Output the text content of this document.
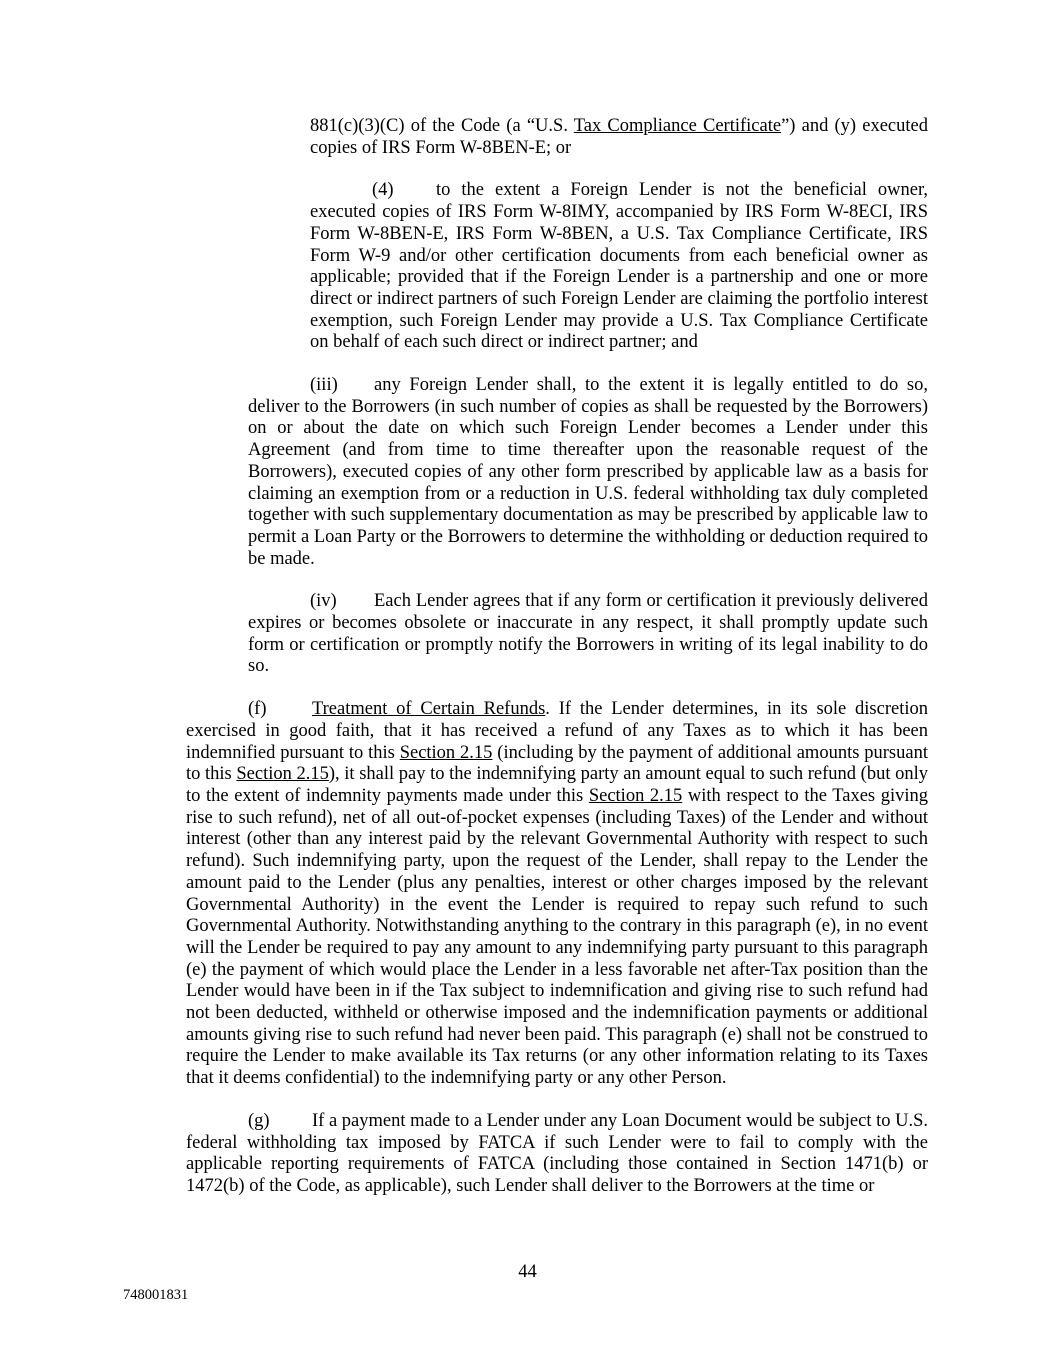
881(c)(3)(C) of the Code (a “U.S. Tax Compliance Certificate”) and (y) executed copies of IRS Form W-8BEN-E; or

(4) to the extent a Foreign Lender is not the beneficial owner, executed copies of IRS Form W-8IMY, accompanied by IRS Form W-8ECI, IRS Form W-8BEN-E, IRS Form W-8BEN, a U.S. Tax Compliance Certificate, IRS Form W-9 and/or other certification documents from each beneficial owner as applicable; provided that if the Foreign Lender is a partnership and one or more direct or indirect partners of such Foreign Lender are claiming the portfolio interest exemption, such Foreign Lender may provide a U.S. Tax Compliance Certificate on behalf of each such direct or indirect partner; and

(iii) any Foreign Lender shall, to the extent it is legally entitled to do so, deliver to the Borrowers (in such number of copies as shall be requested by the Borrowers) on or about the date on which such Foreign Lender becomes a Lender under this Agreement (and from time to time thereafter upon the reasonable request of the Borrowers), executed copies of any other form prescribed by applicable law as a basis for claiming an exemption from or a reduction in U.S. federal withholding tax duly completed together with such supplementary documentation as may be prescribed by applicable law to permit a Loan Party or the Borrowers to determine the withholding or deduction required to be made.

(iv) Each Lender agrees that if any form or certification it previously delivered expires or becomes obsolete or inaccurate in any respect, it shall promptly update such form or certification or promptly notify the Borrowers in writing of its legal inability to do so.

(f) Treatment of Certain Refunds. If the Lender determines, in its sole discretion exercised in good faith, that it has received a refund of any Taxes as to which it has been indemnified pursuant to this Section 2.15 (including by the payment of additional amounts pursuant to this Section 2.15), it shall pay to the indemnifying party an amount equal to such refund (but only to the extent of indemnity payments made under this Section 2.15 with respect to the Taxes giving rise to such refund), net of all out-of-pocket expenses (including Taxes) of the Lender and without interest (other than any interest paid by the relevant Governmental Authority with respect to such refund). Such indemnifying party, upon the request of the Lender, shall repay to the Lender the amount paid to the Lender (plus any penalties, interest or other charges imposed by the relevant Governmental Authority) in the event the Lender is required to repay such refund to such Governmental Authority. Notwithstanding anything to the contrary in this paragraph (e), in no event will the Lender be required to pay any amount to any indemnifying party pursuant to this paragraph (e) the payment of which would place the Lender in a less favorable net after-Tax position than the Lender would have been in if the Tax subject to indemnification and giving rise to such refund had not been deducted, withheld or otherwise imposed and the indemnification payments or additional amounts giving rise to such refund had never been paid. This paragraph (e) shall not be construed to require the Lender to make available its Tax returns (or any other information relating to its Taxes that it deems confidential) to the indemnifying party or any other Person.

(g) If a payment made to a Lender under any Loan Document would be subject to U.S. federal withholding tax imposed by FATCA if such Lender were to fail to comply with the applicable reporting requirements of FATCA (including those contained in Section 1471(b) or 1472(b) of the Code, as applicable), such Lender shall deliver to the Borrowers at the time or

44
748001831
